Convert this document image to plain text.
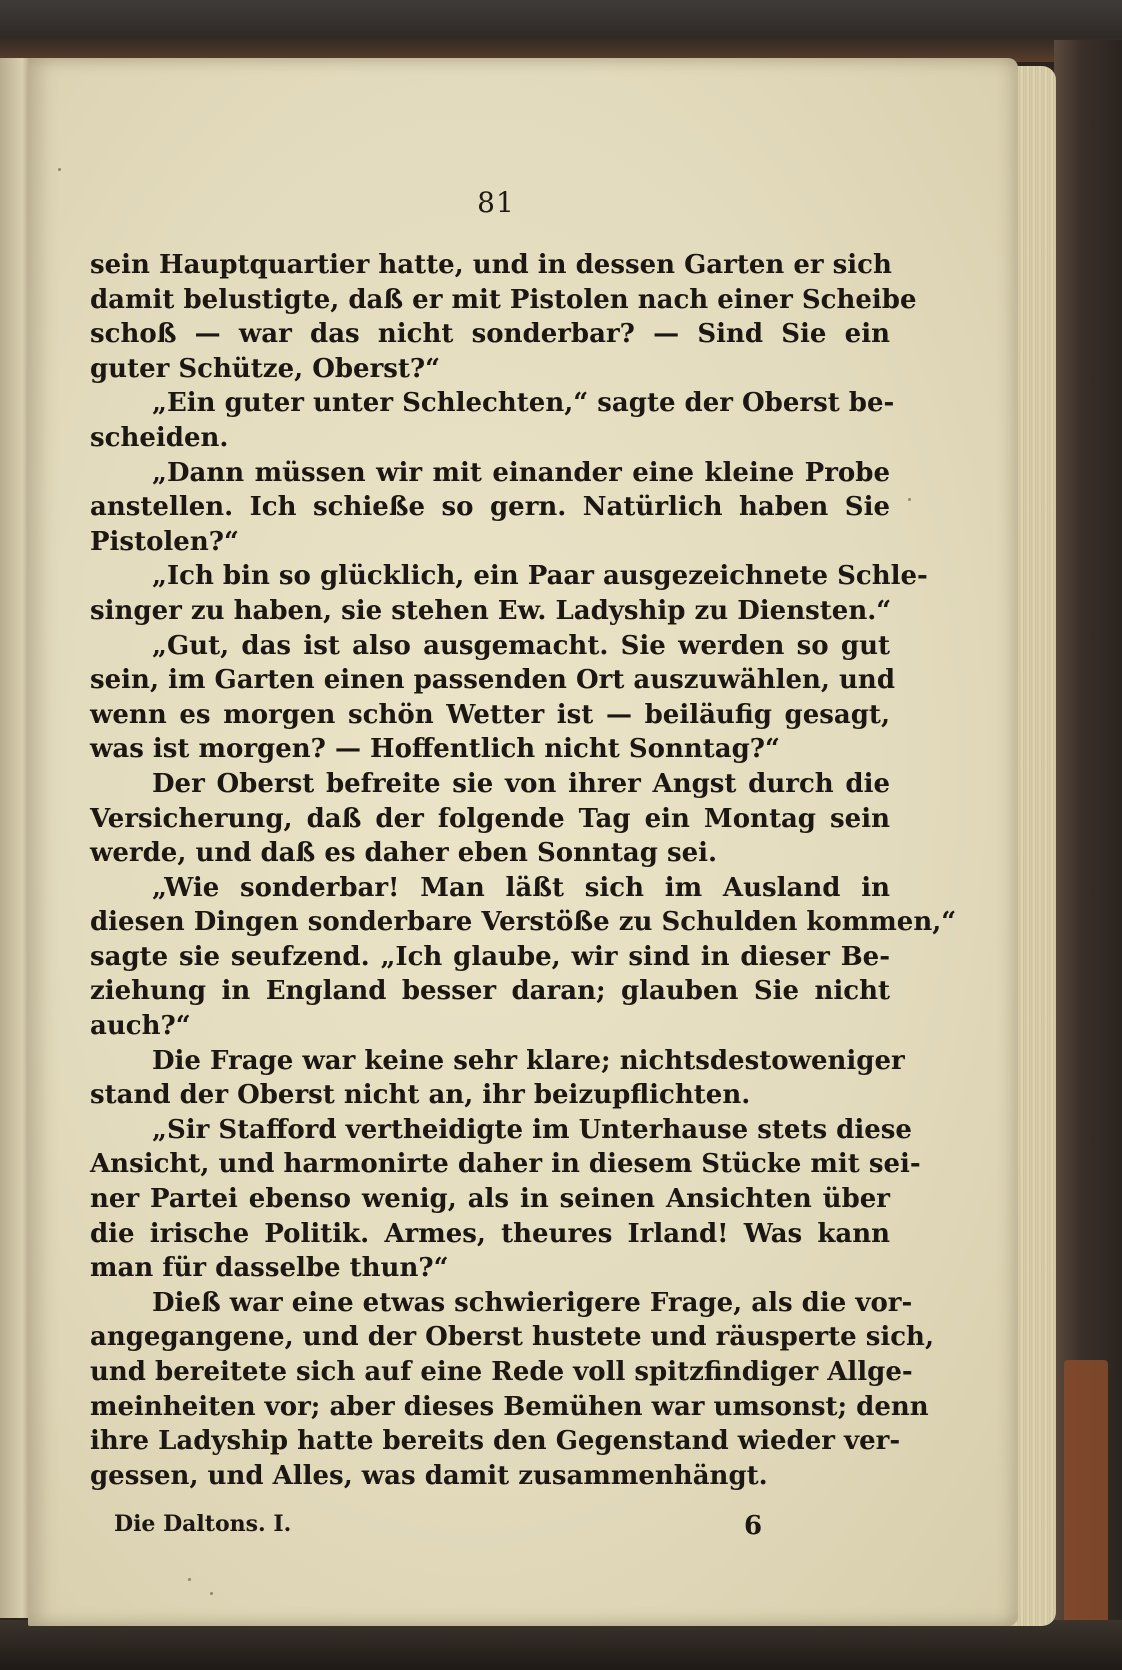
81
sein Hauptquartier hatte, und in dessen Garten er sich
damit belustigte, daß er mit Pistolen nach einer Scheibe
schoß — war das nicht sonderbar? — Sind Sie ein
guter Schütze, Oberst?“
„Ein guter unter Schlechten,“ sagte der Oberst be-
scheiden.
„Dann müssen wir mit einander eine kleine Probe
anstellen. Ich schieße so gern. Natürlich haben Sie
Pistolen?“
„Ich bin so glücklich, ein Paar ausgezeichnete Schle-
singer zu haben, sie stehen Ew. Ladyship zu Diensten.“
„Gut, das ist also ausgemacht. Sie werden so gut
sein, im Garten einen passenden Ort auszuwählen, und
wenn es morgen schön Wetter ist — beiläufig gesagt,
was ist morgen? — Hoffentlich nicht Sonntag?“
Der Oberst befreite sie von ihrer Angst durch die
Versicherung, daß der folgende Tag ein Montag sein
werde, und daß es daher eben Sonntag sei.
„Wie sonderbar! Man läßt sich im Ausland in
diesen Dingen sonderbare Verstöße zu Schulden kommen,“
sagte sie seufzend. „Ich glaube, wir sind in dieser Be-
ziehung in England besser daran; glauben Sie nicht
auch?“
Die Frage war keine sehr klare; nichtsdestoweniger
stand der Oberst nicht an, ihr beizupflichten.
„Sir Stafford vertheidigte im Unterhause stets diese
Ansicht, und harmonirte daher in diesem Stücke mit sei-
ner Partei ebenso wenig, als in seinen Ansichten über
die irische Politik. Armes, theures Irland! Was kann
man für dasselbe thun?“
Dieß war eine etwas schwierigere Frage, als die vor-
angegangene, und der Oberst hustete und räusperte sich,
und bereitete sich auf eine Rede voll spitzfindiger Allge-
meinheiten vor; aber dieses Bemühen war umsonst; denn
ihre Ladyship hatte bereits den Gegenstand wieder ver-
gessen, und Alles, was damit zusammenhängt.
Die Daltons. I.	6
